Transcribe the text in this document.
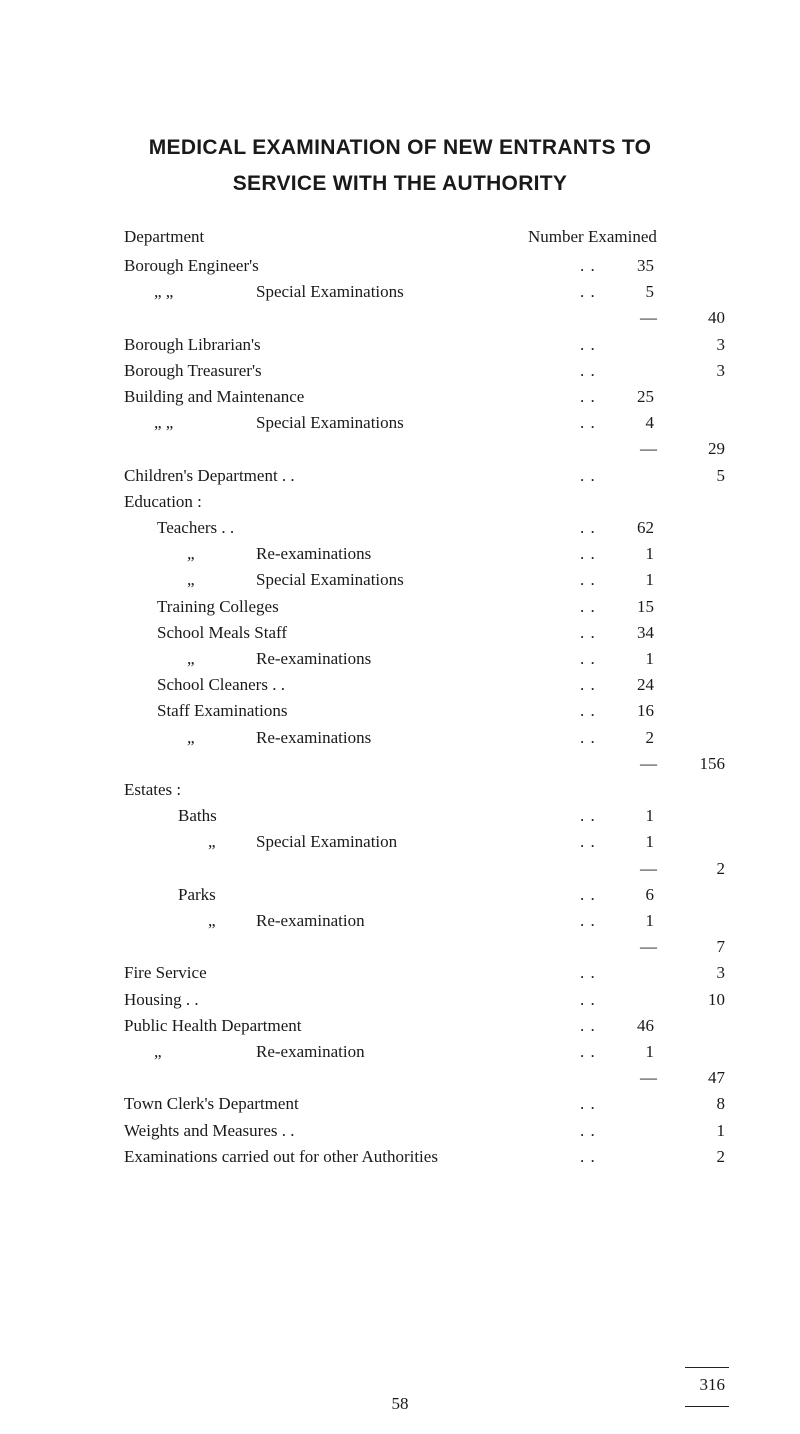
MEDICAL EXAMINATION OF NEW ENTRANTS TO
SERVICE WITH THE AUTHORITY
Department	Number Examined
Borough Engineer's	. .	35
„ „	Special Examinations	. .	5
—	40
Borough Librarian's	. .	3
Borough Treasurer's	. .	3
Building and Maintenance	. .	25
„ „	Special Examinations	. .	4
—	29
Children's Department . .	. .	5
Education :
Teachers . .	. .	62
„	Re-examinations	. .	1
„	Special Examinations	. .	1
Training Colleges	. .	15
School Meals Staff	. .	34
„	Re-examinations	. .	1
School Cleaners . .	. .	24
Staff Examinations	. .	16
„	Re-examinations	. .	2
—	156
Estates :
Baths	. .	1
„ Special Examination	. .	1
—	2
Parks	. .	6
„ Re-examination	. .	1
—	7
Fire Service	. .	3
Housing . .	. .	10
Public Health Department	. .	46
„	Re-examination	. .	1
—	47
Town Clerk's Department	. .	8
Weights and Measures . .	. .	1
Examinations carried out for other Authorities	. .	2
316
58
